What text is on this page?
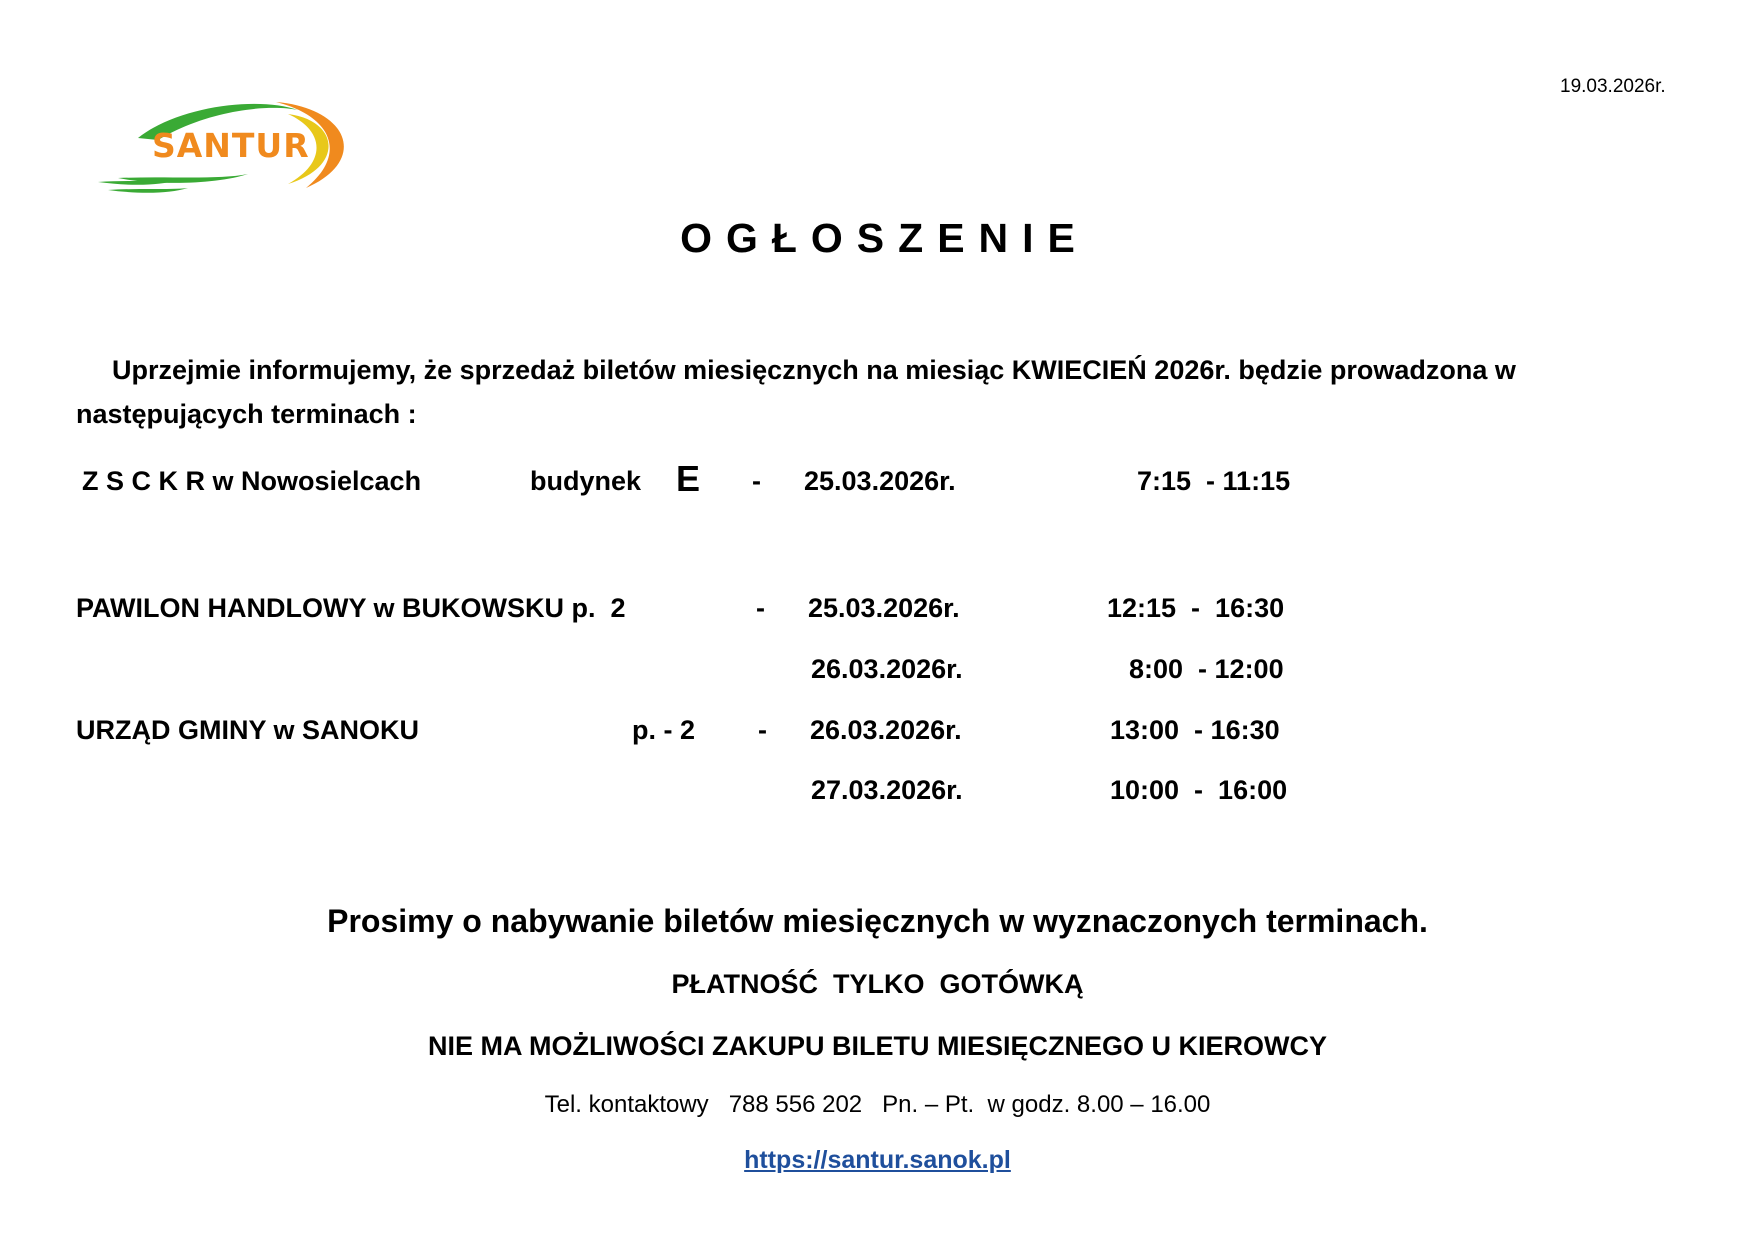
19.03.2026r.
SANTUR
OGŁOSZENIE
Uprzejmie informujemy, że sprzedaż biletów miesięcznych na miesiąc KWIECIEŃ 2026r. będzie prowadzona w następujących terminach :
Z S C K R w Nowosielcach	budynek E - 25.03.2026r.	7:15  - 11:15
PAWILON HANDLOWY w BUKOWSKU p.  2	- 25.03.2026r.	12:15  -  16:30
26.03.2026r.	8:00  - 12:00
URZĄD GMINY w SANOKU	p. - 2 - 26.03.2026r.	13:00  - 16:30
27.03.2026r.	10:00  -  16:00
Prosimy o nabywanie biletów miesięcznych w wyznaczonych terminach.
PŁATNOŚĆ  TYLKO  GOTÓWKĄ
NIE MA MOŻLIWOŚCI ZAKUPU BILETU MIESIĘCZNEGO U KIEROWCY
Tel. kontaktowy   788 556 202   Pn. – Pt.  w godz. 8.00 – 16.00
https://santur.sanok.pl
